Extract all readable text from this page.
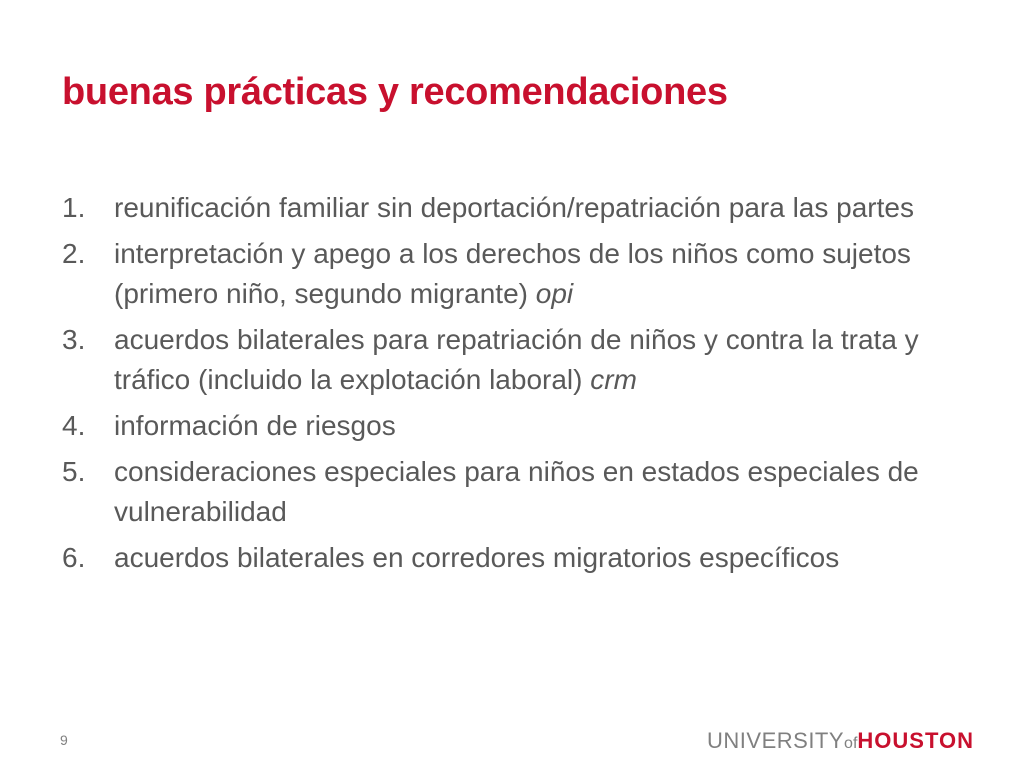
buenas prácticas y recomendaciones
1. reunificación familiar sin deportación/repatriación para las partes
2. interpretación y apego a los derechos de los niños como sujetos (primero niño, segundo migrante) opi
3. acuerdos bilaterales para repatriación de niños y contra la trata y tráfico (incluido la explotación laboral) crm
4. información de riesgos
5. consideraciones especiales para niños en estados especiales de vulnerabilidad
6. acuerdos bilaterales en corredores migratorios específicos
9	UNIVERSITYofHOUSTON
